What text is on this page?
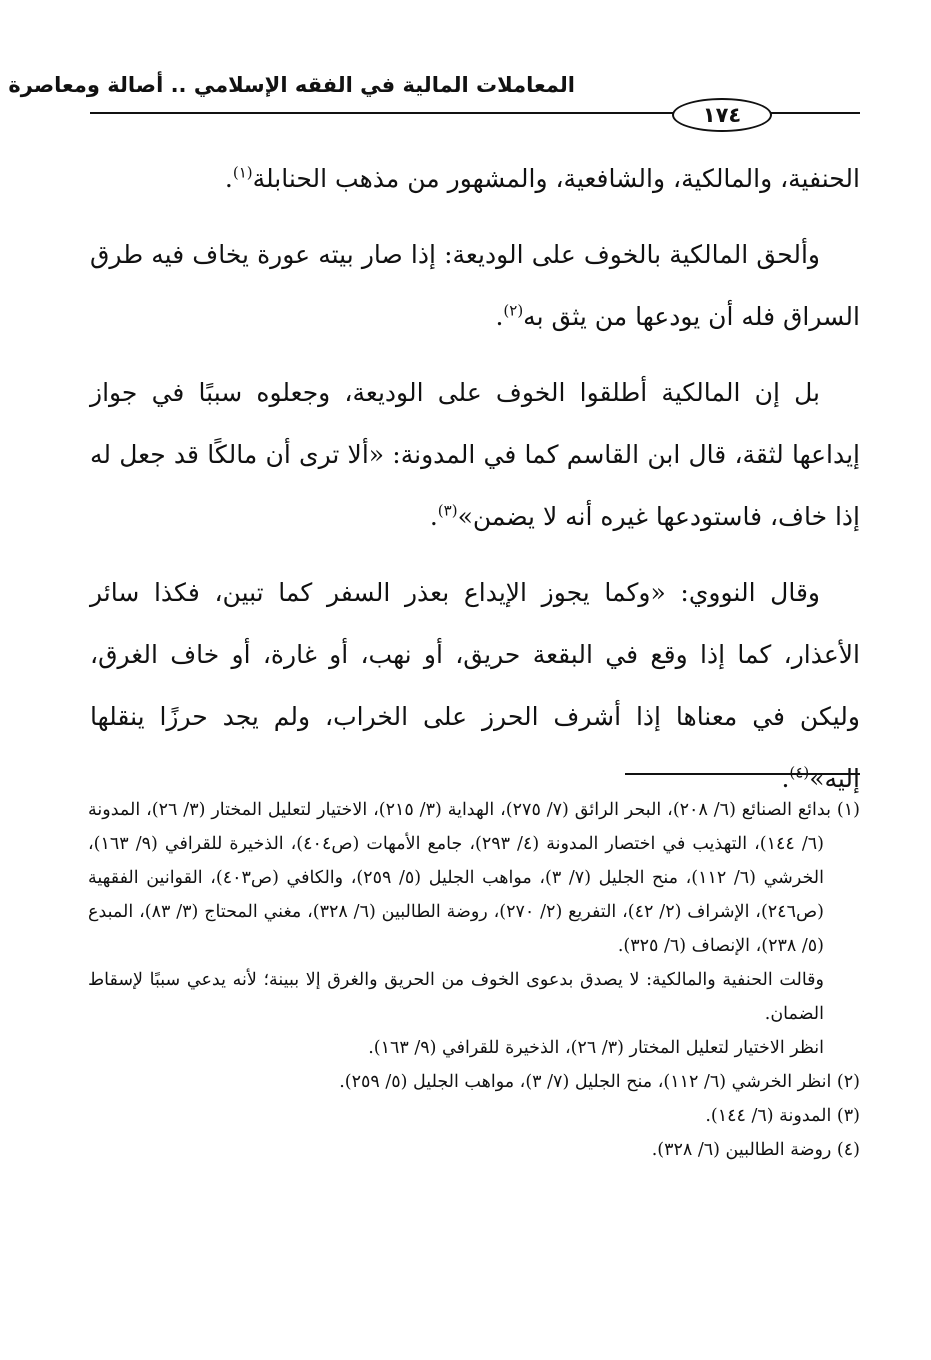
المعاملات المالية في الفقه الإسلامي .. أصالة ومعاصرة
١٧٤

الحنفية، والمالكية، والشافعية، والمشهور من مذهب الحنابلة$^{(١)}$.

وألحق المالكية بالخوف على الوديعة: إذا صار بيته عورة يخاف فيه طرق السراق فله أن يودعها من يثق به$^{(٢)}$.

بل إن المالكية أطلقوا الخوف على الوديعة، وجعلوه سببًا في جواز إيداعها لثقة، قال ابن القاسم كما في المدونة: «ألا ترى أن مالكًا قد جعل له إذا خاف، فاستودعها غيره أنه لا يضمن»$^{(٣)}$.

وقال النووي: «وكما يجوز الإيداع بعذر السفر كما تبين، فكذا سائر الأعذار، كما إذا وقع في البقعة حريق، أو نهب، أو غارة، أو خاف الغرق، وليكن في معناها إذا أشرف الحرز على الخراب، ولم يجد حرزًا ينقلها إليه»$^{(٤)}$.

(١) بدائع الصنائع (٦/ ٢٠٨)، البحر الرائق (٧/ ٢٧٥)، الهداية (٣/ ٢١٥)، الاختيار لتعليل المختار (٣/ ٢٦)، المدونة (٦/ ١٤٤)، التهذيب في اختصار المدونة (٤/ ٢٩٣)، جامع الأمهات (ص٤٠٤)، الذخيرة للقرافي (٩/ ١٦٣)، الخرشي (٦/ ١١٢)، منح الجليل (٧/ ٣)، مواهب الجليل (٥/ ٢٥٩)، والكافي (ص٤٠٣)، القوانين الفقهية (ص٢٤٦)، الإشراف (٢/ ٤٢)، التفريع (٢/ ٢٧٠)، روضة الطالبين (٦/ ٣٢٨)، مغني المحتاج (٣/ ٨٣)، المبدع (٥/ ٢٣٨)، الإنصاف (٦/ ٣٢٥).

وقالت الحنفية والمالكية: لا يصدق بدعوى الخوف من الحريق والغرق إلا ببينة؛ لأنه يدعي سببًا لإسقاط الضمان.

انظر الاختيار لتعليل المختار (٣/ ٢٦)، الذخيرة للقرافي (٩/ ١٦٣).

(٢) انظر الخرشي (٦/ ١١٢)، منح الجليل (٧/ ٣)، مواهب الجليل (٥/ ٢٥٩).

(٣) المدونة (٦/ ١٤٤).

(٤) روضة الطالبين (٦/ ٣٢٨).
